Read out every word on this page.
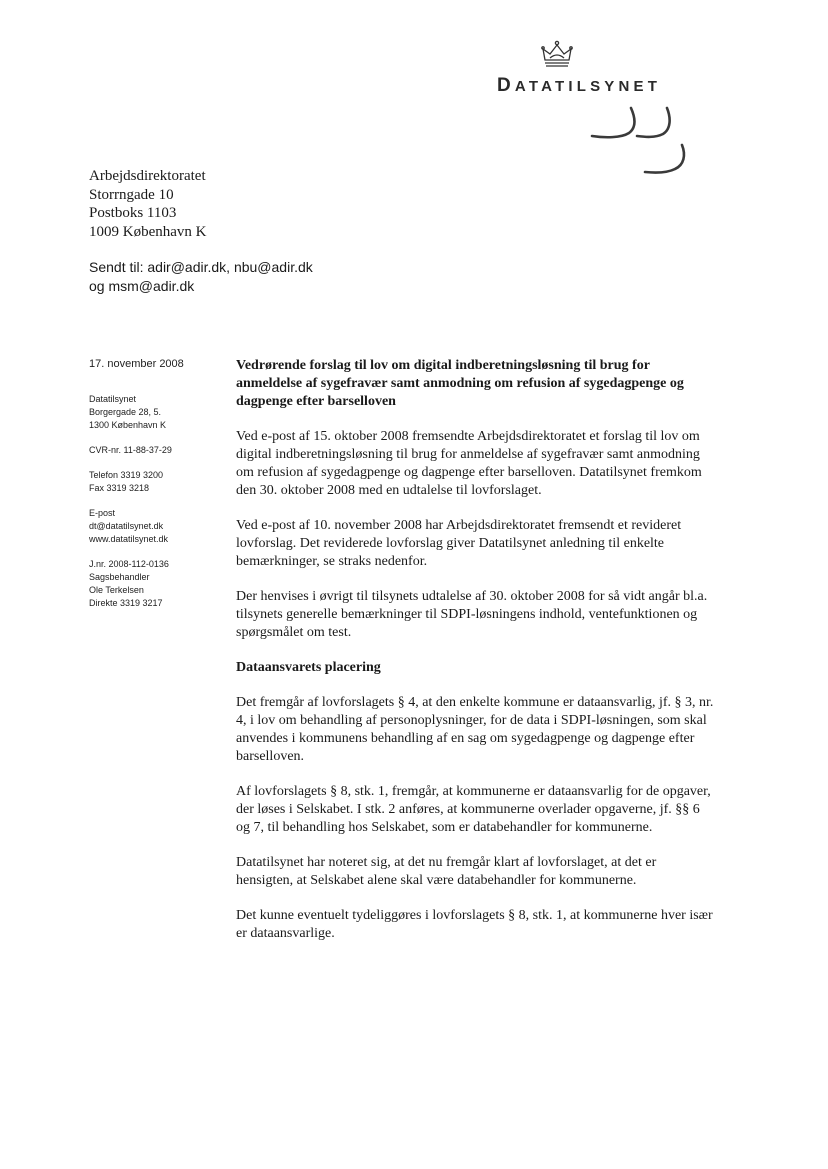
DATATILSYNET
Arbejdsdirektoratet
Storrngade 10
Postboks 1103
1009 København K
Sendt til: adir@adir.dk, nbu@adir.dk
og msm@adir.dk
17. november 2008
Datatilsynet
Borgergade 28, 5.
1300 København K
CVR-nr. 11-88-37-29
Telefon 3319 3200
Fax 3319 3218
E-post
dt@datatilsynet.dk
www.datatilsynet.dk
J.nr. 2008-112-0136
Sagsbehandler
Ole Terkelsen
Direkte 3319 3217

Vedrørende forslag til lov om digital indberetningsløsning til brug for anmeldelse af sygefravær samt anmodning om refusion af sygedagpenge og dagpenge efter barselloven

Ved e-post af 15. oktober 2008 fremsendte Arbejdsdirektoratet et forslag til lov om digital indberetningsløsning til brug for anmeldelse af sygefravær samt anmodning om refusion af sygedagpenge og dagpenge efter barselloven. Datatilsynet fremkom den 30. oktober 2008 med en udtalelse til lovforslaget.

Ved e-post af 10. november 2008 har Arbejdsdirektoratet fremsendt et revideret lovforslag. Det reviderede lovforslag giver Datatilsynet anledning til enkelte bemærkninger, se straks nedenfor.

Der henvises i øvrigt til tilsynets udtalelse af 30. oktober 2008 for så vidt angår bl.a. tilsynets generelle bemærkninger til SDPI-løsningens indhold, ventefunktionen og spørgsmålet om test.

Dataansvarets placering

Det fremgår af lovforslagets § 4, at den enkelte kommune er dataansvarlig, jf. § 3, nr. 4, i lov om behandling af personoplysninger, for de data i SDPI-løsningen, som skal anvendes i kommunens behandling af en sag om sygedagpenge og dagpenge efter barselloven.

Af lovforslagets § 8, stk. 1, fremgår, at kommunerne er dataansvarlig for de opgaver, der løses i Selskabet. I stk. 2 anføres, at kommunerne overlader opgaverne, jf. §§ 6 og 7, til behandling hos Selskabet, som er databehandler for kommunerne.

Datatilsynet har noteret sig, at det nu fremgår klart af lovforslaget, at det er hensigten, at Selskabet alene skal være databehandler for kommunerne.

Det kunne eventuelt tydeliggøres i lovforslagets § 8, stk. 1, at kommunerne hver især er dataansvarlige.
